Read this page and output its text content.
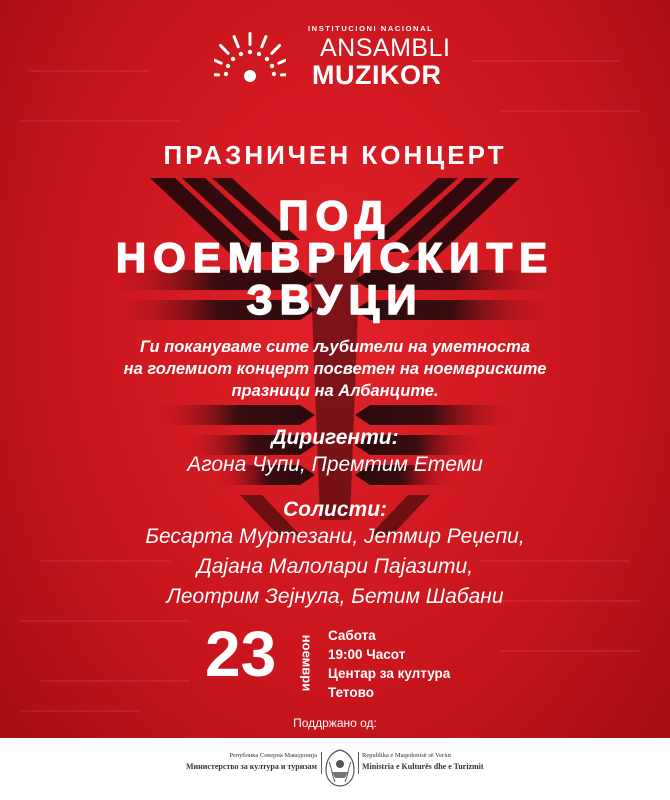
INSTITUCIONI NACIONAL
ANSAMBLI
MUZIKOR
ПРАЗНИЧЕН КОНЦЕРТ
ПОД
НОЕМВРИСКИТЕ
ЗВУЦИ
Ги покануваме сите љубители на уметноста
на големиот концерт посветен на ноемвриските
празници на Албанците.
Диригенти:
Агона Чупи, Премтим Етеми
Солисти:
Бесарта Муртезани, Јетмир Реџепи,
Дајана Малолари Пајазити,
Леотрим Зејнула, Бетим Шабани
23 ноември Сабота
19:00 Часот
Центар за култура
Тетово
Поддржано од:
Република Северна Македонија
Министерство за култура и туризам
Republika e Maqedonisë së Veriut
Ministria e Kulturës dhe e Turizmit
